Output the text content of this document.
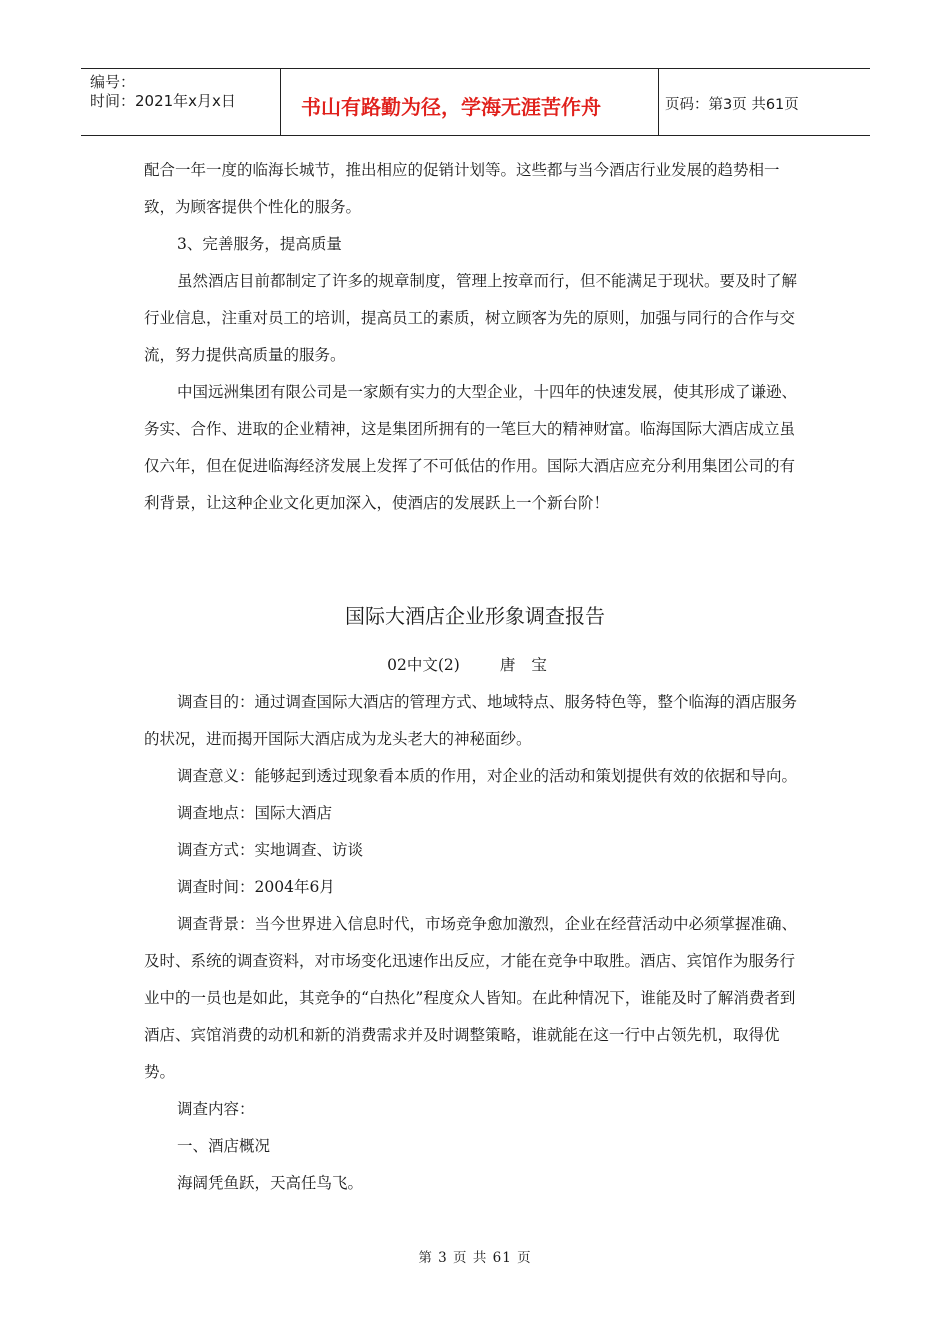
编号：
时间：2021年x月x日	书山有路勤为径，学海无涯苦作舟	页码：第3页 共61页

配合一年一度的临海长城节，推出相应的促销计划等。这些都与当今酒店行业发展的趋势相一致，为顾客提供个性化的服务。

3、完善服务，提高质量

虽然酒店目前都制定了许多的规章制度，管理上按章而行，但不能满足于现状。要及时了解行业信息，注重对员工的培训，提高员工的素质，树立顾客为先的原则，加强与同行的合作与交流，努力提供高质量的服务。

中国远洲集团有限公司是一家颇有实力的大型企业，十四年的快速发展，使其形成了谦逊、务实、合作、进取的企业精神，这是集团所拥有的一笔巨大的精神财富。临海国际大酒店成立虽仅六年，但在促进临海经济发展上发挥了不可低估的作用。国际大酒店应充分利用集团公司的有利背景，让这种企业文化更加深入，使酒店的发展跃上一个新台阶！

国际大酒店企业形象调查报告
02中文(2)	唐宝

调查目的：通过调查国际大酒店的管理方式、地域特点、服务特色等，整个临海的酒店服务的状况，进而揭开国际大酒店成为龙头老大的神秘面纱。

调查意义：能够起到透过现象看本质的作用，对企业的活动和策划提供有效的依据和导向。

调查地点：国际大酒店

调查方式：实地调查、访谈

调查时间：2004年6月

调查背景：当今世界进入信息时代，市场竞争愈加激烈，企业在经营活动中必须掌握准确、及时、系统的调查资料，对市场变化迅速作出反应，才能在竞争中取胜。酒店、宾馆作为服务行业中的一员也是如此，其竞争的“白热化”程度众人皆知。在此种情况下，谁能及时了解消费者到酒店、宾馆消费的动机和新的消费需求并及时调整策略，谁就能在这一行中占领先机，取得优势。

调查内容：

一、酒店概况

海阔凭鱼跃，天高任鸟飞。

第 3 页 共 61 页
